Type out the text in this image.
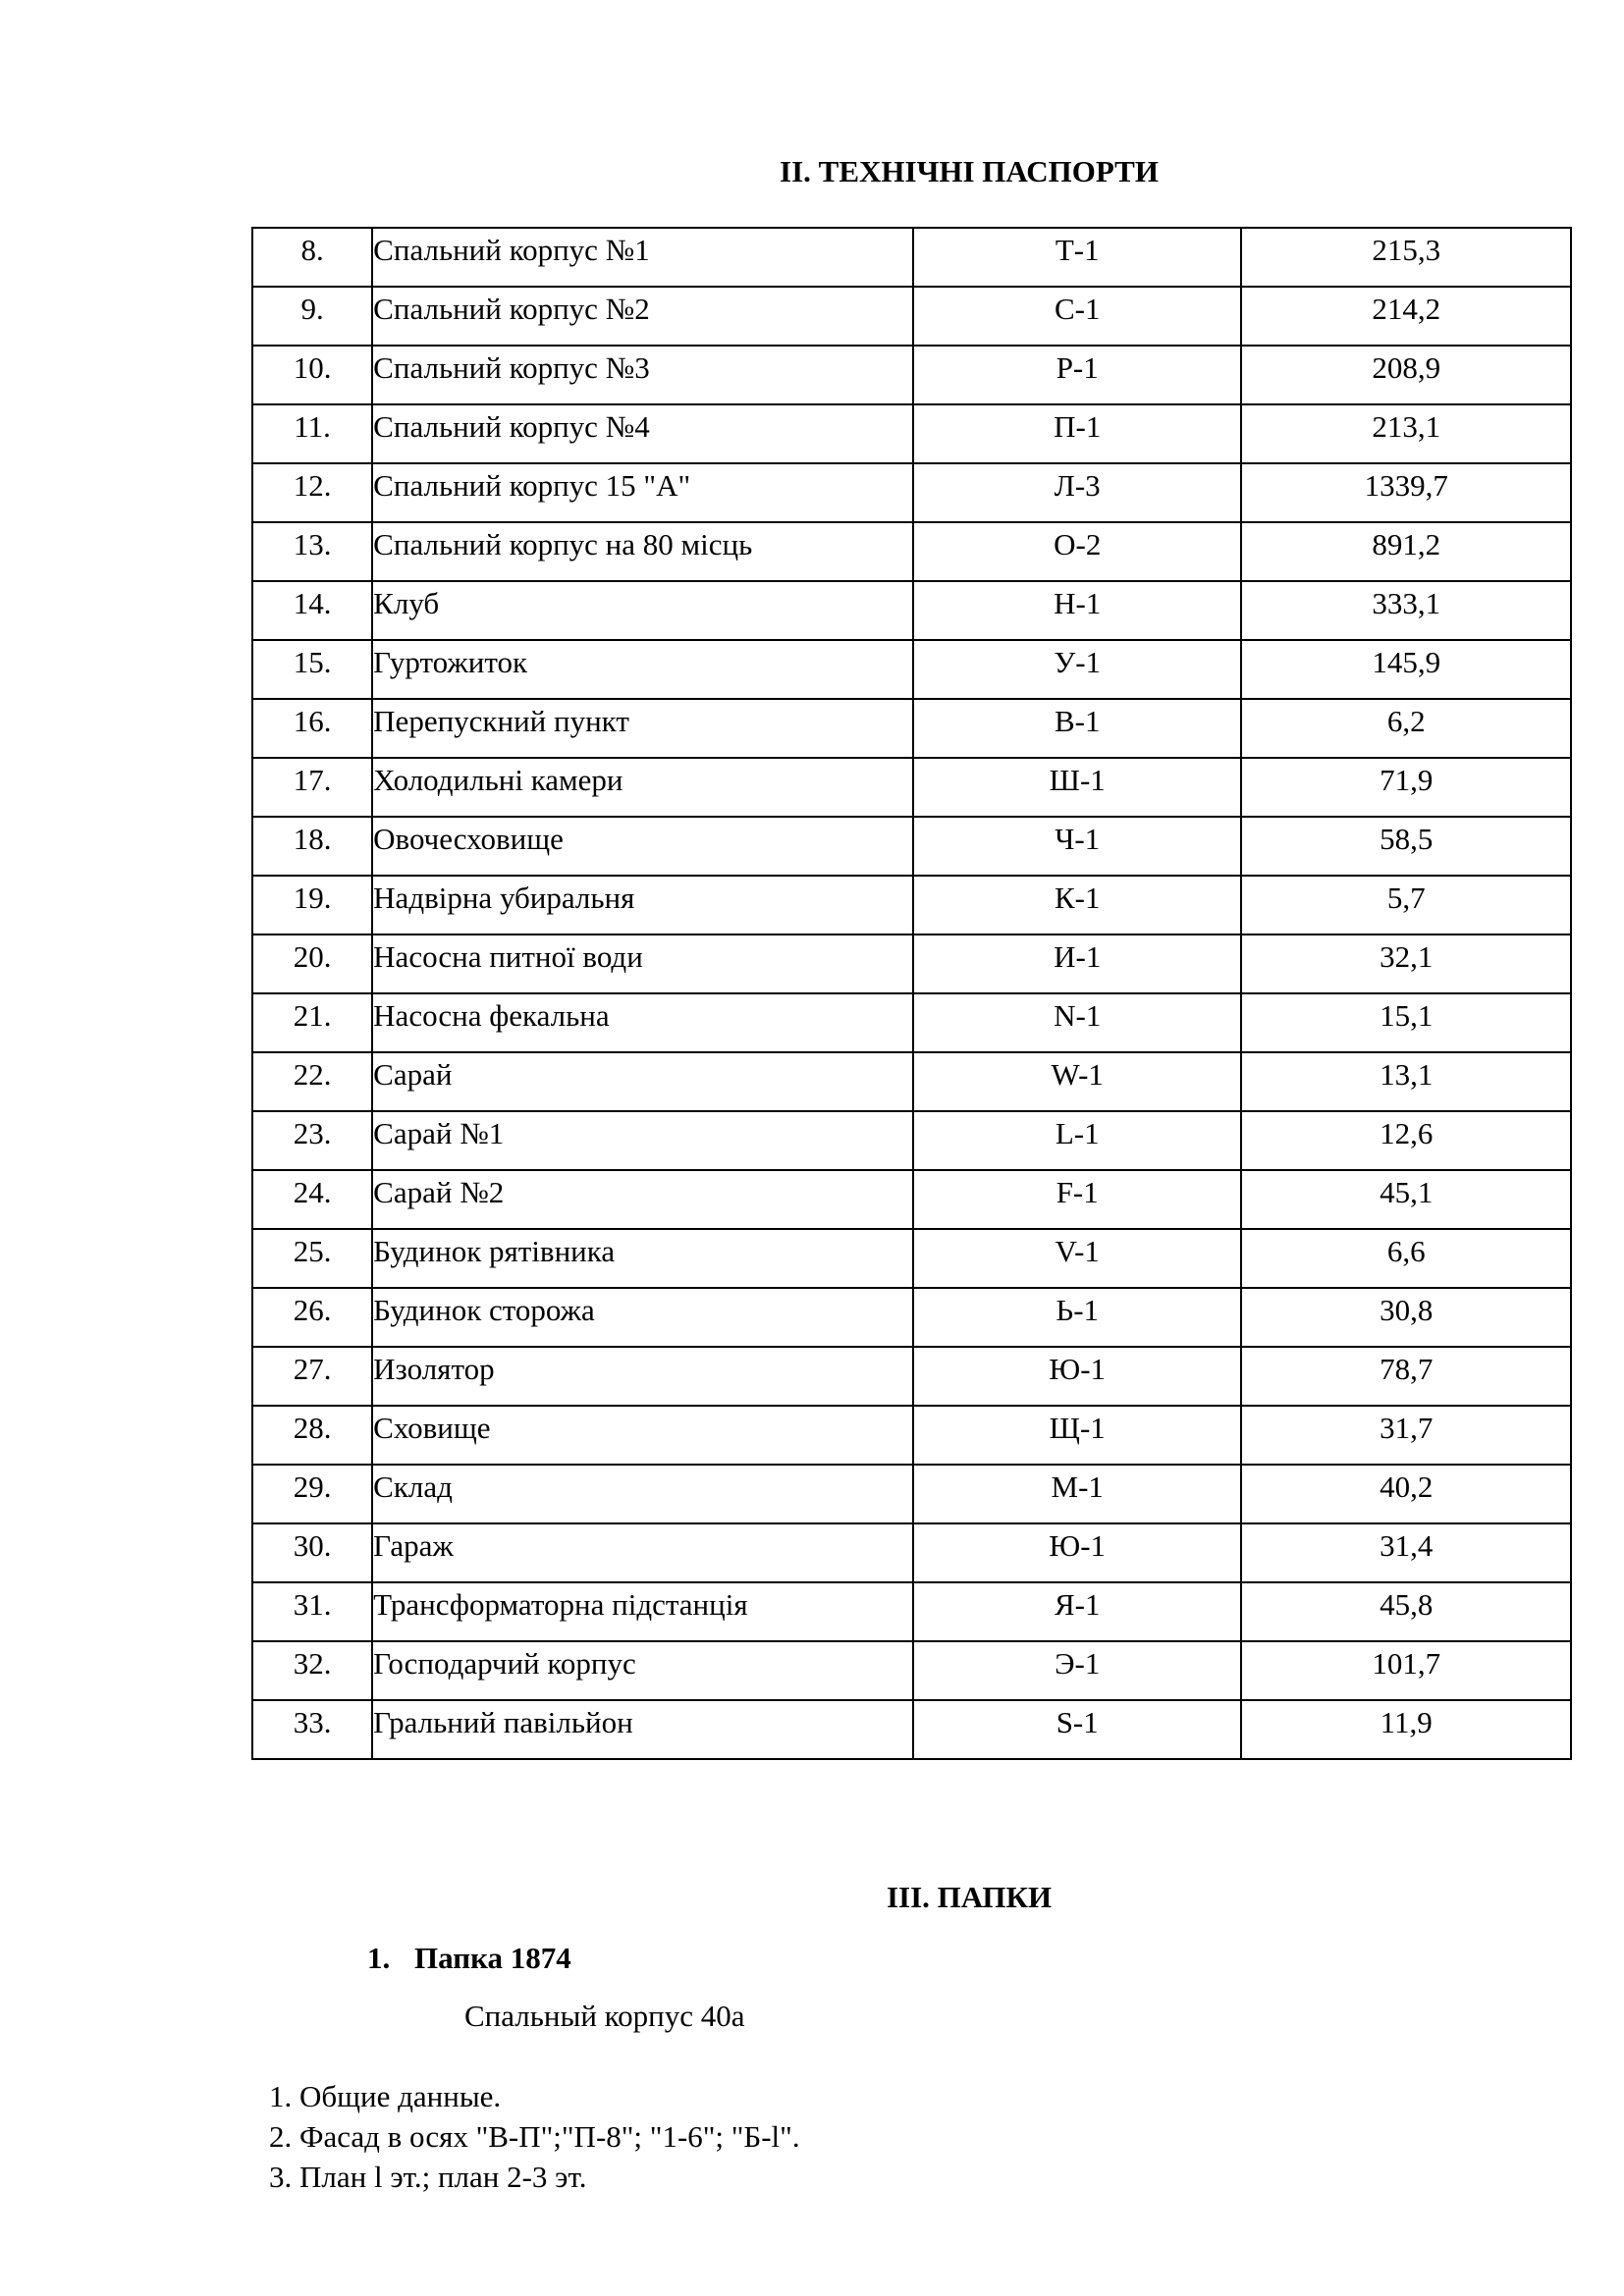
II. ТЕХНІЧНІ ПАСПОРТИ
8.	Спальний корпус №1	Т-1	215,3
9.	Спальний корпус №2	С-1	214,2
10.	Спальний корпус №3	Р-1	208,9
11.	Спальний корпус №4	П-1	213,1
12.	Спальний корпус 15 "А"	Л-3	1339,7
13.	Спальний корпус на 80 місць	О-2	891,2
14.	Клуб	Н-1	333,1
15.	Гуртожиток	У-1	145,9
16.	Перепускний пункт	В-1	6,2
17.	Холодильні камери	Ш-1	71,9
18.	Овочесховище	Ч-1	58,5
19.	Надвірна убиральня	К-1	5,7
20.	Насосна питної води	И-1	32,1
21.	Насосна фекальна	N-1	15,1
22.	Сарай	W-1	13,1
23.	Сарай №1	L-1	12,6
24.	Сарай №2	F-1	45,1
25.	Будинок рятівника	V-1	6,6
26.	Будинок сторожа	Ь-1	30,8
27.	Изолятор	Ю-1	78,7
28.	Сховище	Щ-1	31,7
29.	Склад	М-1	40,2
30.	Гараж	Ю-1	31,4
31.	Трансформаторна підстанція	Я-1	45,8
32.	Господарчий корпус	Э-1	101,7
33.	Гральний павільйон	S-1	11,9
III. ПАПКИ
1. Папка 1874
Спальный корпус 40а
1. Общие данные.
2. Фасад в осях "В-П";"П-8"; "1-6"; "Б-l".
3. План l эт.; план 2-3 эт.
